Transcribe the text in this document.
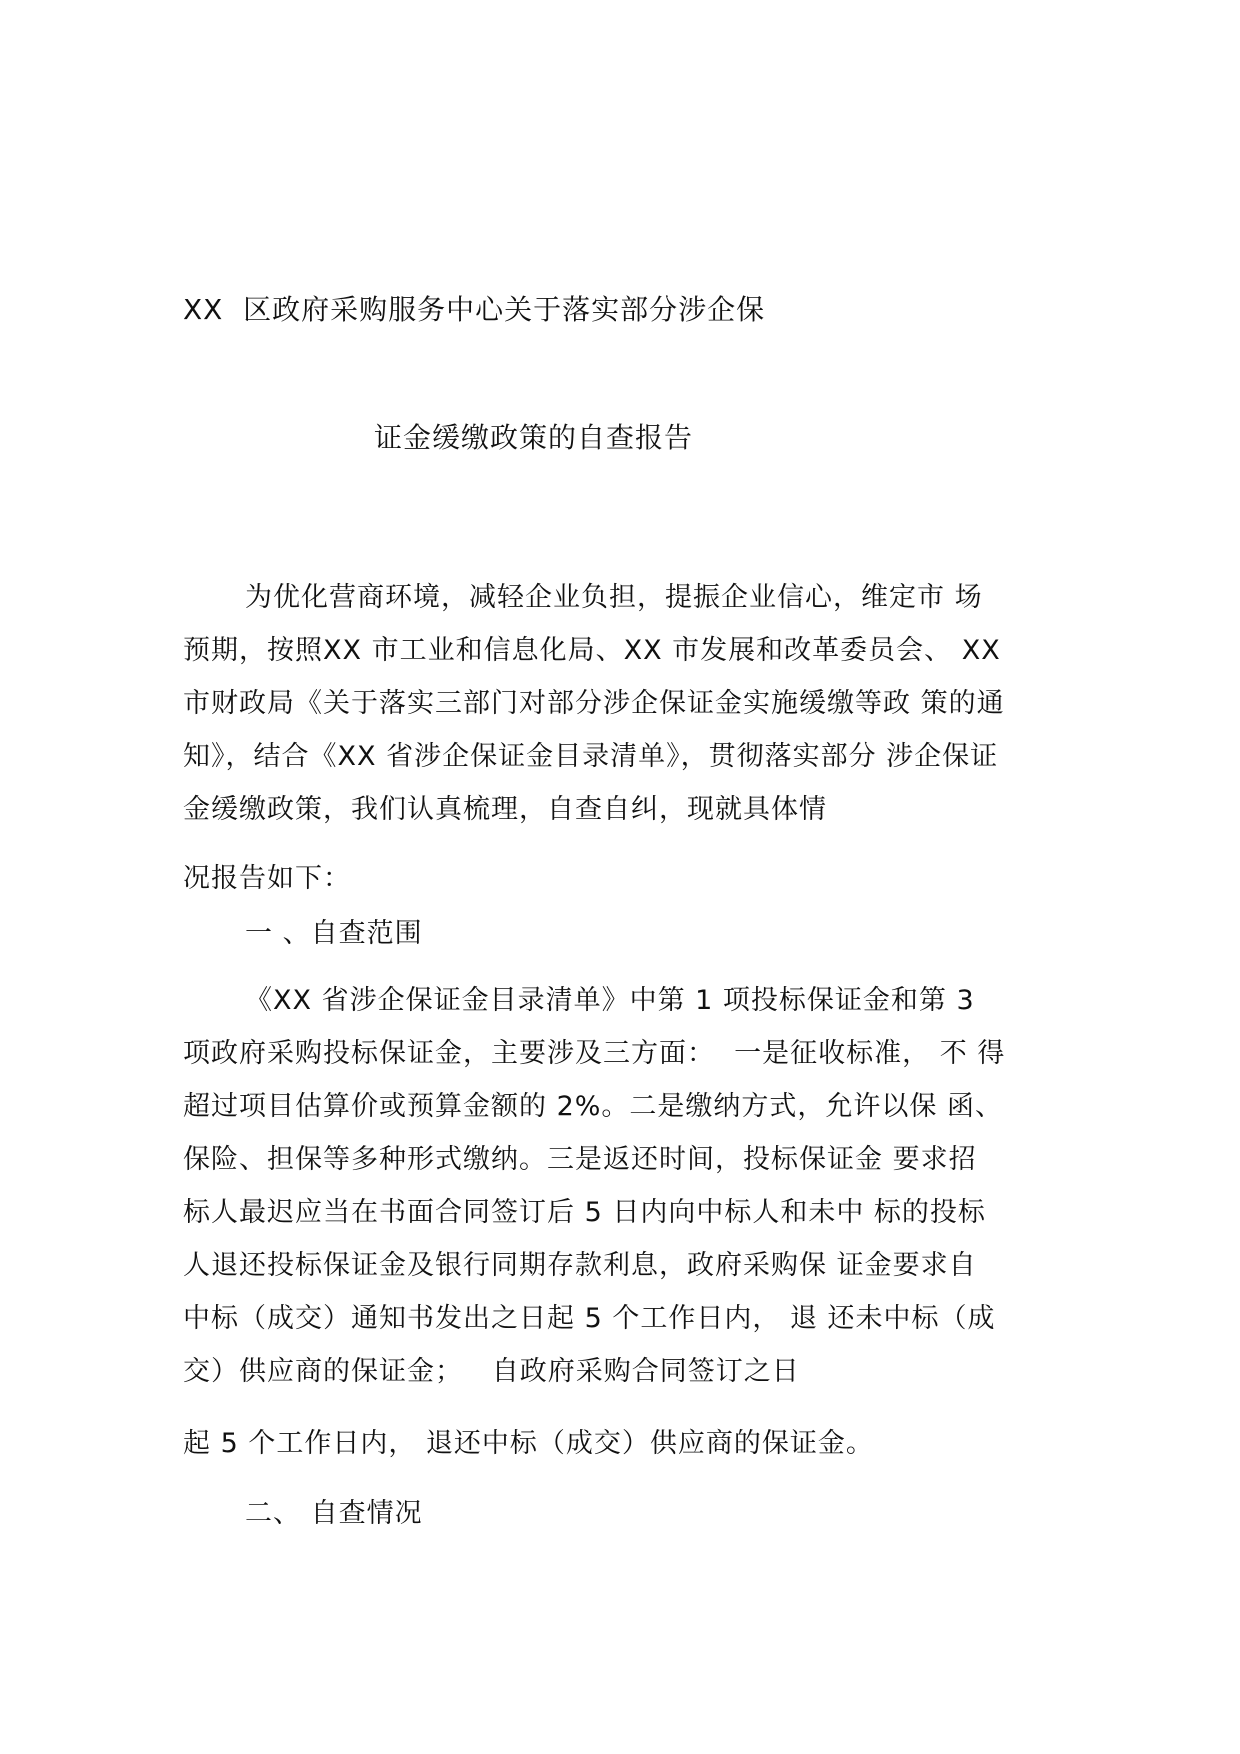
XX  区政府采购服务中心关于落实部分涉企保
证金缓缴政策的自查报告
为优化营商环境，减轻企业负担，提振企业信心，维定市 场
预期，按照XX 市工业和信息化局、XX 市发展和改革委员会、 XX
市财政局《关于落实三部门对部分涉企保证金实施缓缴等政 策的通
知》，结合《XX 省涉企保证金目录清单》，贯彻落实部分 涉企保证
金缓缴政策，我们认真梳理，自查自纠，现就具体情
况报告如下：
一 、自查范围
《XX 省涉企保证金目录清单》中第 1 项投标保证金和第 3
项政府采购投标保证金，主要涉及三方面：  一是征收标准， 不 得
超过项目估算价或预算金额的 2%。二是缴纳方式，允许以保 函、
保险、担保等多种形式缴纳。三是返还时间，投标保证金 要求招
标人最迟应当在书面合同签订后 5 日内向中标人和未中 标的投标
人退还投标保证金及银行同期存款利息，政府采购保 证金要求自
中标（成交）通知书发出之日起 5 个工作日内， 退 还未中标（成
交）供应商的保证金；   自政府采购合同签订之日
起 5 个工作日内， 退还中标（成交）供应商的保证金。
二、 自查情况
